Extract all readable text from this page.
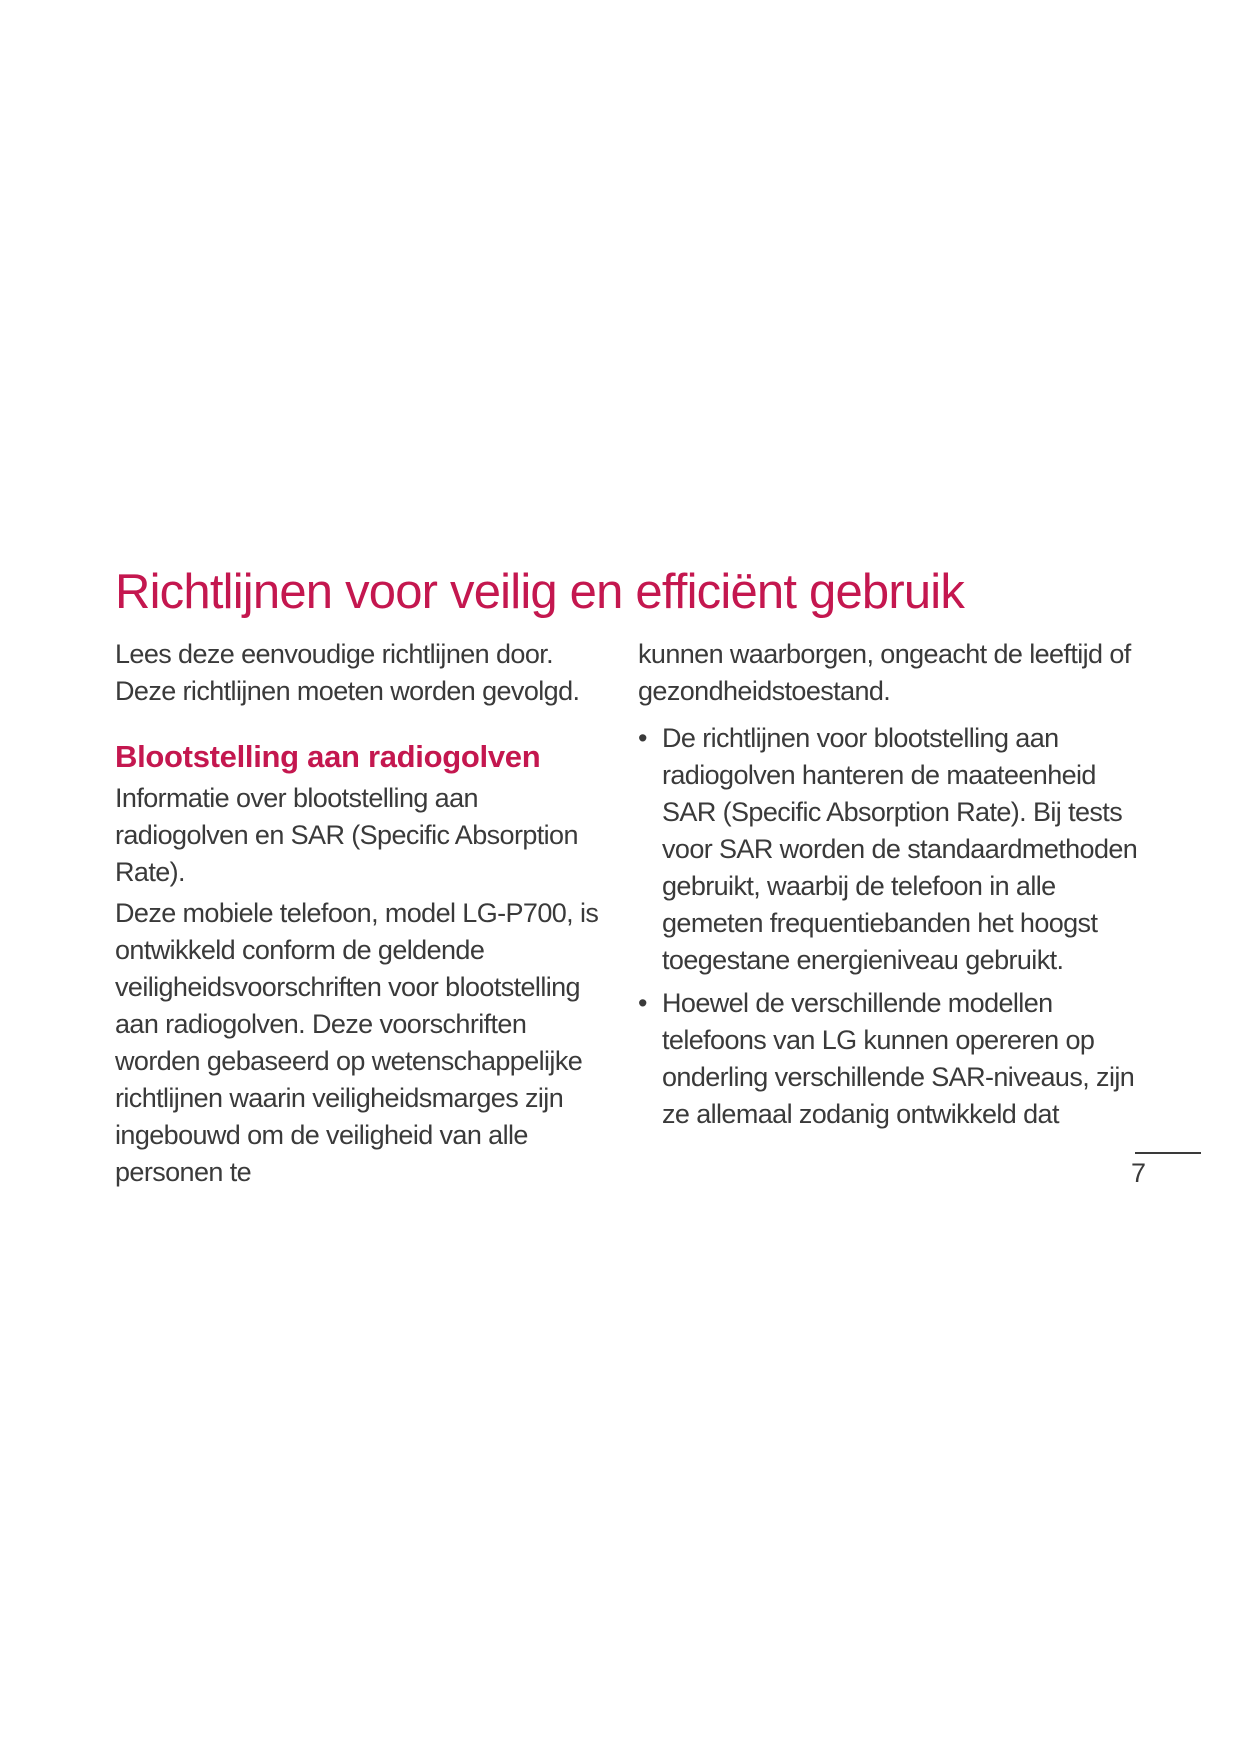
Richtlijnen voor veilig en efficiënt gebruik

Lees deze eenvoudige richtlijnen door. Deze richtlijnen moeten worden gevolgd.

Blootstelling aan radiogolven

Informatie over blootstelling aan radiogolven en SAR (Specific Absorption Rate).

Deze mobiele telefoon, model LG-P700, is ontwikkeld conform de geldende veiligheidsvoorschriften voor blootstelling aan radiogolven. Deze voorschriften worden gebaseerd op wetenschappelijke richtlijnen waarin veiligheidsmarges zijn ingebouwd om de veiligheid van alle personen te

kunnen waarborgen, ongeacht de leeftijd of gezondheidstoestand.

• De richtlijnen voor blootstelling aan radiogolven hanteren de maateenheid SAR (Specific Absorption Rate). Bij tests voor SAR worden de standaardmethoden gebruikt, waarbij de telefoon in alle gemeten frequentiebanden het hoogst toegestane energieniveau gebruikt.
• Hoewel de verschillende modellen telefoons van LG kunnen opereren op onderling verschillende SAR-niveaus, zijn ze allemaal zodanig ontwikkeld dat
7
